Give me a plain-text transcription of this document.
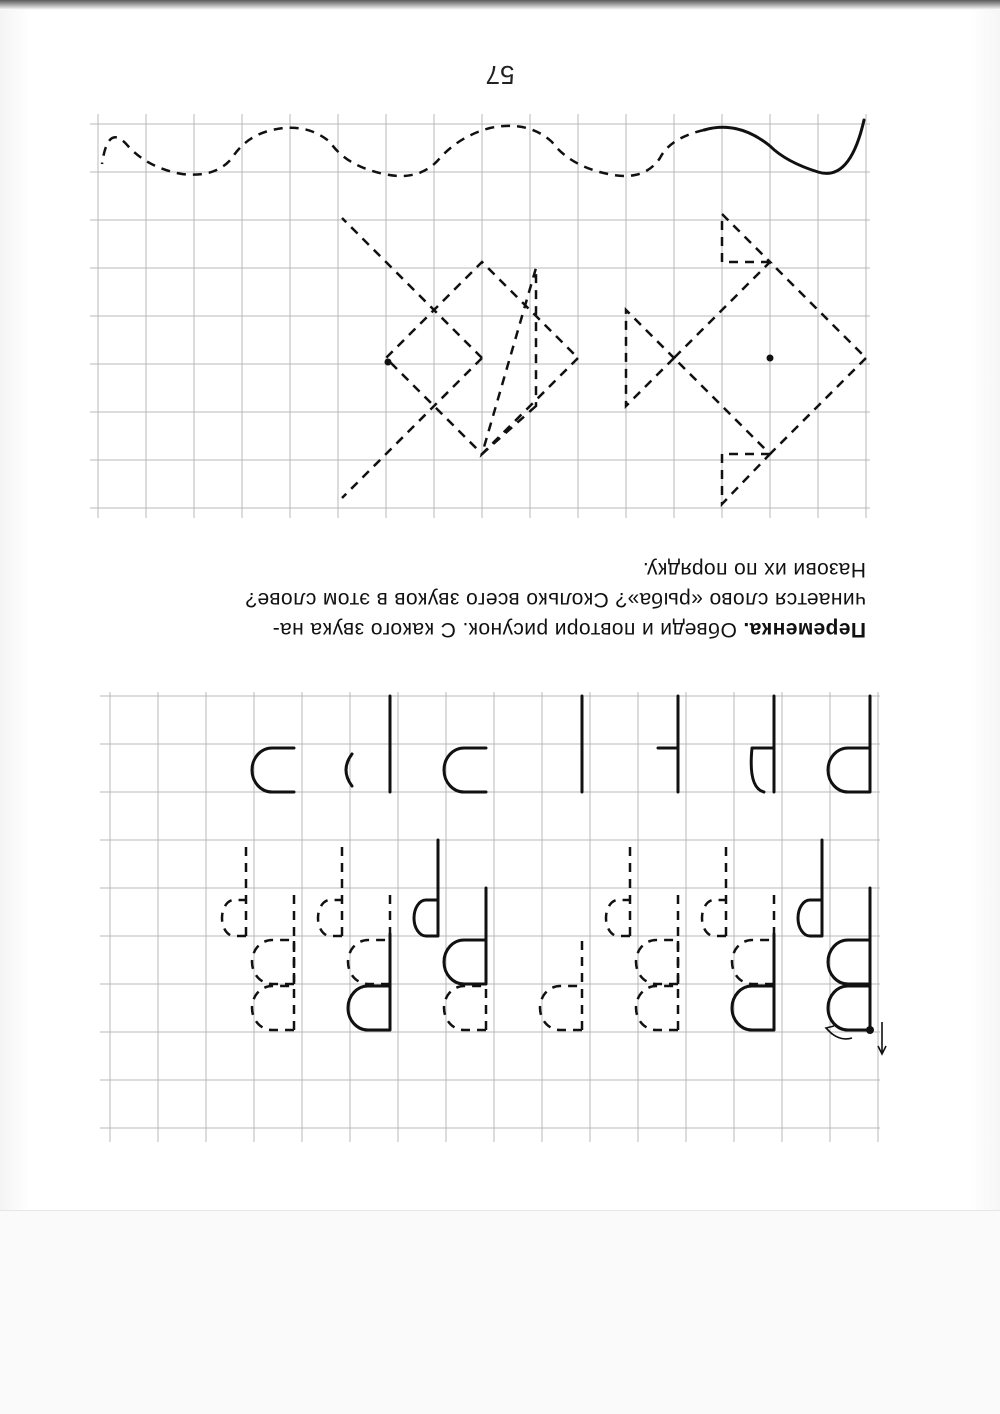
57

Переменка. Обведи и повтори рисунок. С какого звука на-

чинается слово «рыба»? Сколько всего звуков в этом слове?

Назови их по порядку.
